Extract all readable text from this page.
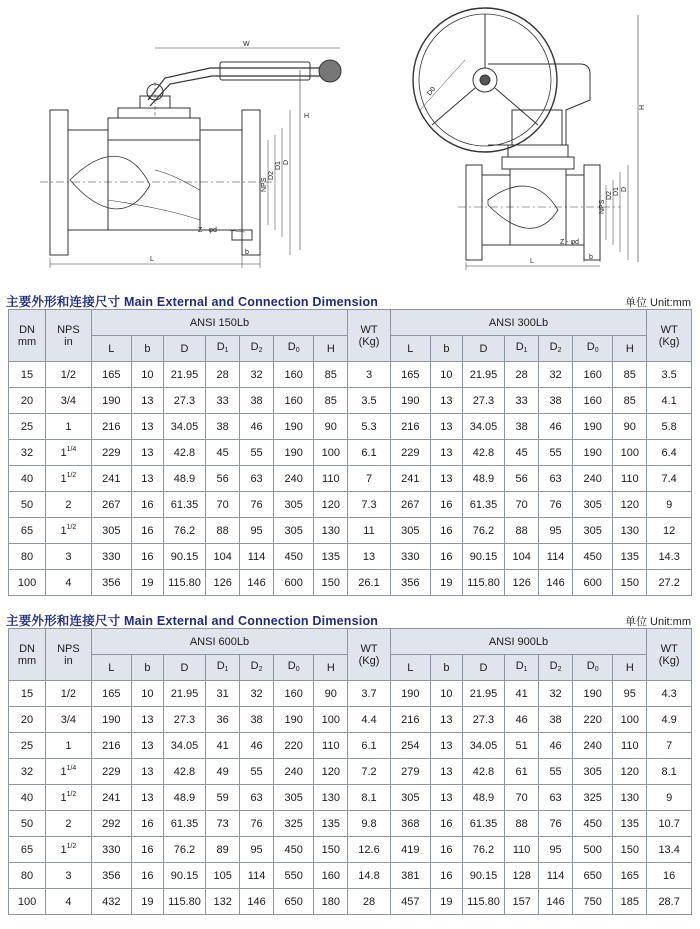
W
H
NPS
D2
D1 D
Z - φd
b
L
D0
H
NPS
D2 D1 D
Z - φd
b
L
主要外形和连接尺寸 Main External and Connection Dimension	单位 Unit:mm
DN
mm	NPS
in	ANSI 150Lb							WT
(Kg)	ANSI 300Lb							WT
(Kg)
		L	b	D	$D_1$	$D_2$	$D_0$	H		L	b	D	$D_1$	$D_2$	$D_0$	H	
15	1/2	165	10	21.95	28	32	160	85	3	165	10	21.95	28	32	160	85	3.5
20	3/4	190	13	27.3	33	38	160	85	3.5	190	13	27.3	33	38	160	85	4.1
25	1	216	13	34.05	38	46	190	90	5.3	216	13	34.05	38	46	190	90	5.8
32	$1^{1/4}$	229	13	42.8	45	55	190	100	6.1	229	13	42.8	45	55	190	100	6.4
40	$1^{1/2}$	241	13	48.9	56	63	240	110	7	241	13	48.9	56	63	240	110	7.4
50	2	267	16	61.35	70	76	305	120	7.3	267	16	61.35	70	76	305	120	9
65	$1^{1/2}$	305	16	76.2	88	95	305	130	11	305	16	76.2	88	95	305	130	12
80	3	330	16	90.15	104	114	450	135	13	330	16	90.15	104	114	450	135	14.3
100	4	356	19	115.80	126	146	600	150	26.1	356	19	115.80	126	146	600	150	27.2
主要外形和连接尺寸 Main External and Connection Dimension	单位 Unit:mm
DN
mm	NPS
in	ANSI 600Lb							WT
(Kg)	ANSI 900Lb							WT
(Kg)
		L	b	D	$D_1$	$D_2$	$D_0$	H		L	b	D	$D_1$	$D_2$	$D_0$	H	
15	1/2	165	10	21.95	31	32	160	90	3.7	190	10	21.95	41	32	190	95	4.3
20	3/4	190	13	27.3	36	38	190	100	4.4	216	13	27.3	46	38	220	100	4.9
25	1	216	13	34.05	41	46	220	110	6.1	254	13	34.05	51	46	240	110	7
32	$1^{1/4}$	229	13	42.8	49	55	240	120	7.2	279	13	42.8	61	55	305	120	8.1
40	$1^{1/2}$	241	13	48.9	59	63	305	130	8.1	305	13	48.9	70	63	325	130	9
50	2	292	16	61.35	73	76	325	135	9.8	368	16	61.35	88	76	450	135	10.7
65	$1^{1/2}$	330	16	76.2	89	95	450	150	12.6	419	16	76.2	110	95	500	150	13.4
80	3	356	16	90.15	105	114	550	160	14.8	381	16	90.15	128	114	650	165	16
100	4	432	19	115.80	132	146	650	180	28	457	19	115.80	157	146	750	185	28.7
